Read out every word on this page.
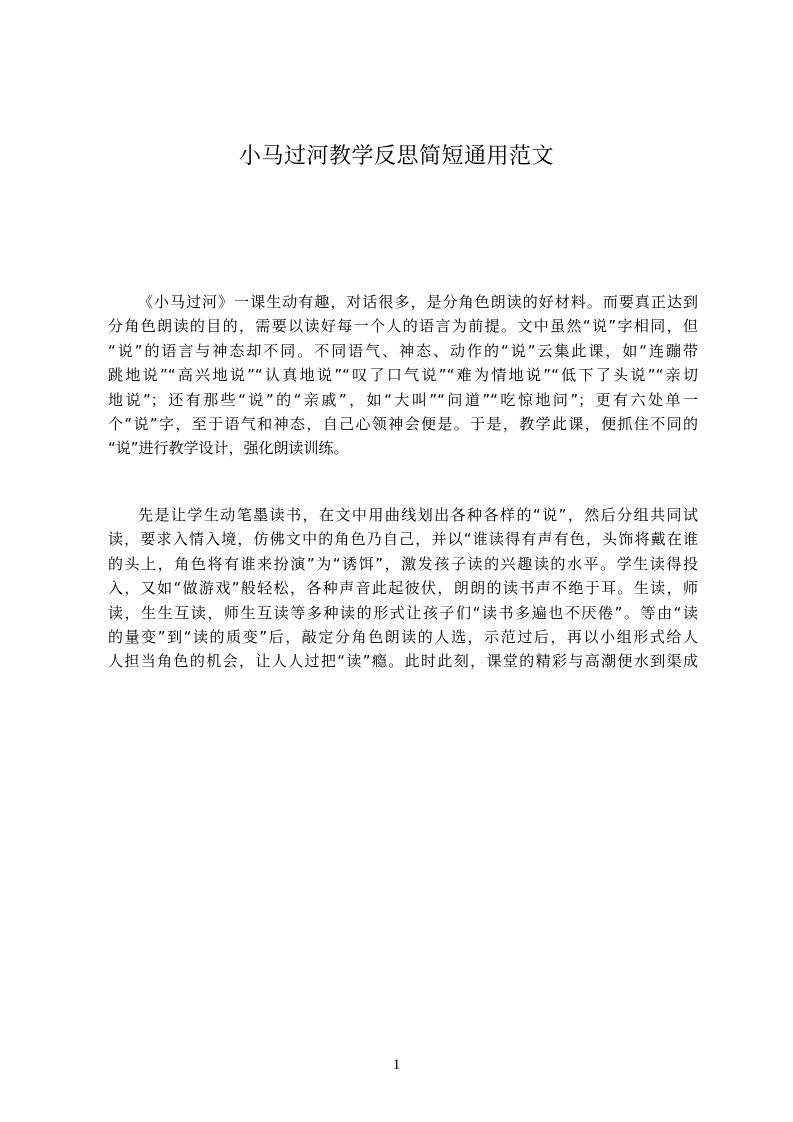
小马过河教学反思简短通用范文
《小马过河》一课生动有趣，对话很多，是分角色朗读的好材料。而要真正达到
分角色朗读的目的，需要以读好每一个人的语言为前提。文中虽然“说”字相同，但
“说”的语言与神态却不同。不同语气、神态、动作的“说”云集此课，如“连蹦带
跳地说”“高兴地说”“认真地说”“叹了口气说”“难为情地说”“低下了头说”“亲切
地说”；还有那些“说”的“亲戚”，如“大叫”“问道”“吃惊地问”；更有六处单一
个“说”字，至于语气和神态，自己心领神会便是。于是，教学此课，便抓住不同的
“说”进行教学设计，强化朗读训练。
先是让学生动笔墨读书，在文中用曲线划出各种各样的“说”，然后分组共同试
读，要求入情入境，仿佛文中的角色乃自己，并以“谁读得有声有色，头饰将戴在谁
的头上，角色将有谁来扮演”为“诱饵”，激发孩子读的兴趣读的水平。学生读得投
入，又如“做游戏”般轻松，各种声音此起彼伏，朗朗的读书声不绝于耳。生读，师
读，生生互读，师生互读等多种读的形式让孩子们“读书多遍也不厌倦”。等由“读
的量变”到“读的质变”后，敲定分角色朗读的人选，示范过后，再以小组形式给人
人担当角色的机会，让人人过把“读”瘾。此时此刻，课堂的精彩与高潮便水到渠成
1
